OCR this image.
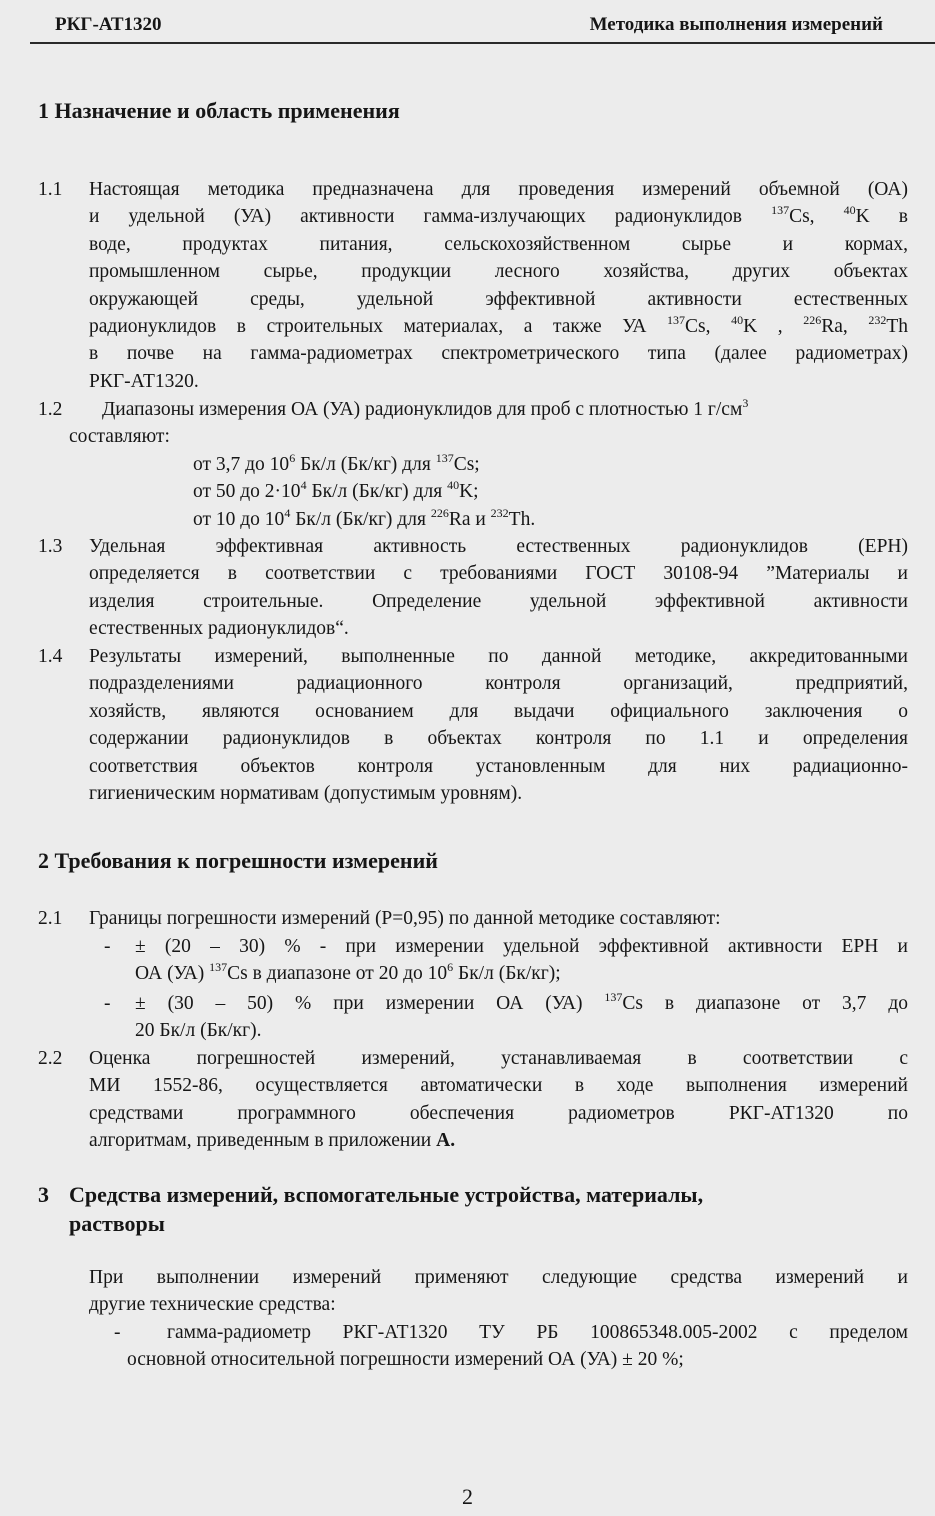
РКГ-АТ1320	Методика выполнения измерений
1 Назначение и область применения
1.1 Настоящая методика предназначена для проведения измерений объемной (ОА)
и удельной (УА) активности гамма-излучающих радионуклидов $^{137}$Cs, $^{40}$K в
воде, продуктах питания, сельскохозяйственном сырье и кормах,
промышленном сырье, продукции лесного хозяйства, других объектах
окружающей среды, удельной эффективной активности естественных
радионуклидов в строительных материалах, а также УА $^{137}$Cs, $^{40}$K , $^{226}$Ra, $^{232}$Th
в почве на гамма-радиометрах спектрометрического типа (далее радиометрах)
РКГ-АТ1320.
1.2 Диапазоны измерения ОА (УА) радионуклидов для проб с плотностью 1 $г/см^3$
составляют:
от 3,7 до $10^6$ Бк/л (Бк/кг) для $^{137}$Cs;
от 50 до $2\cdot 10^4$ Бк/л (Бк/кг) для $^{40}$K;
от 10 до $10^4$ Бк/л (Бк/кг) для $^{226}$Ra и $^{232}$Th.
1.3 Удельная эффективная активность естественных радионуклидов (ЕРН)
определяется в соответствии с требованиями ГОСТ 30108-94 ”Материалы и
изделия строительные. Определение удельной эффективной активности
естественных радионуклидов“.
1.4 Результаты измерений, выполненные по данной методике, аккредитованными
подразделениями радиационного контроля организаций, предприятий,
хозяйств, являются основанием для выдачи официального заключения о
содержании радионуклидов в объектах контроля по 1.1 и определения
соответствия объектов контроля установленным для них радиационно-
гигиеническим нормативам (допустимым уровням).
2 Требования к погрешности измерений
2.1 Границы погрешности измерений (Р=0,95) по данной методике составляют:
- ± (20 – 30) % - при измерении удельной эффективной активности ЕРН и
ОА (УА) $^{137}$Cs в диапазоне от 20 до $10^6$ Бк/л (Бк/кг);
- ± (30 – 50) % при измерении ОА (УА) $^{137}$Cs в диапазоне от 3,7 до
20 Бк/л (Бк/кг).
2.2 Оценка погрешностей измерений, устанавливаемая в соответствии с
МИ 1552-86, осуществляется автоматически в ходе выполнения измерений
средствами программного обеспечения радиометров РКГ-АТ1320 по
алгоритмам, приведенным в приложении А.
3 Средства измерений, вспомогательные устройства, материалы,
растворы
При выполнении измерений применяют следующие средства измерений и
другие технические средства:
-	гамма-радиометр РКГ-АТ1320 ТУ РБ 100865348.005-2002 с пределом
основной относительной погрешности измерений ОА (УА) ± 20 %;
2
